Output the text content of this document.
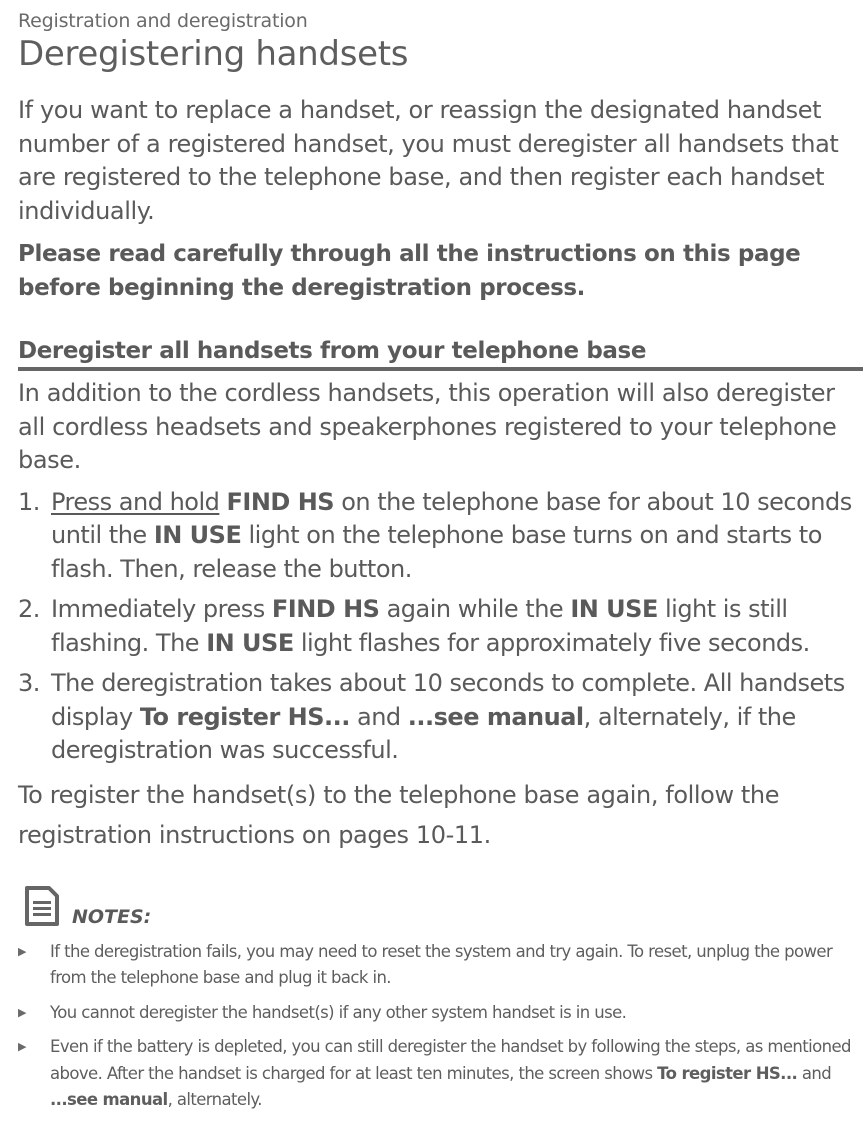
Registration and deregistration
Deregistering handsets

If you want to replace a handset, or reassign the designated handset number of a registered handset, you must deregister all handsets that are registered to the telephone base, and then register each handset individually.

Please read carefully through all the instructions on this page before beginning the deregistration process.

Deregister all handsets from your telephone base

In addition to the cordless handsets, this operation will also deregister all cordless headsets and speakerphones registered to your telephone base.

1. Press and hold FIND HS on the telephone base for about 10 seconds until the IN USE light on the telephone base turns on and starts to flash. Then, release the button.
2. Immediately press FIND HS again while the IN USE light is still flashing. The IN USE light flashes for approximately five seconds.
3. The deregistration takes about 10 seconds to complete. All handsets display To register HS... and ...see manual, alternately, if the deregistration was successful.

To register the handset(s) to the telephone base again, follow the registration instructions on pages 10-11.

NOTES:
▶ If the deregistration fails, you may need to reset the system and try again. To reset, unplug the power from the telephone base and plug it back in.
▶ You cannot deregister the handset(s) if any other system handset is in use.
▶ Even if the battery is depleted, you can still deregister the handset by following the steps, as mentioned above. After the handset is charged for at least ten minutes, the screen shows To register HS... and ...see manual, alternately.
